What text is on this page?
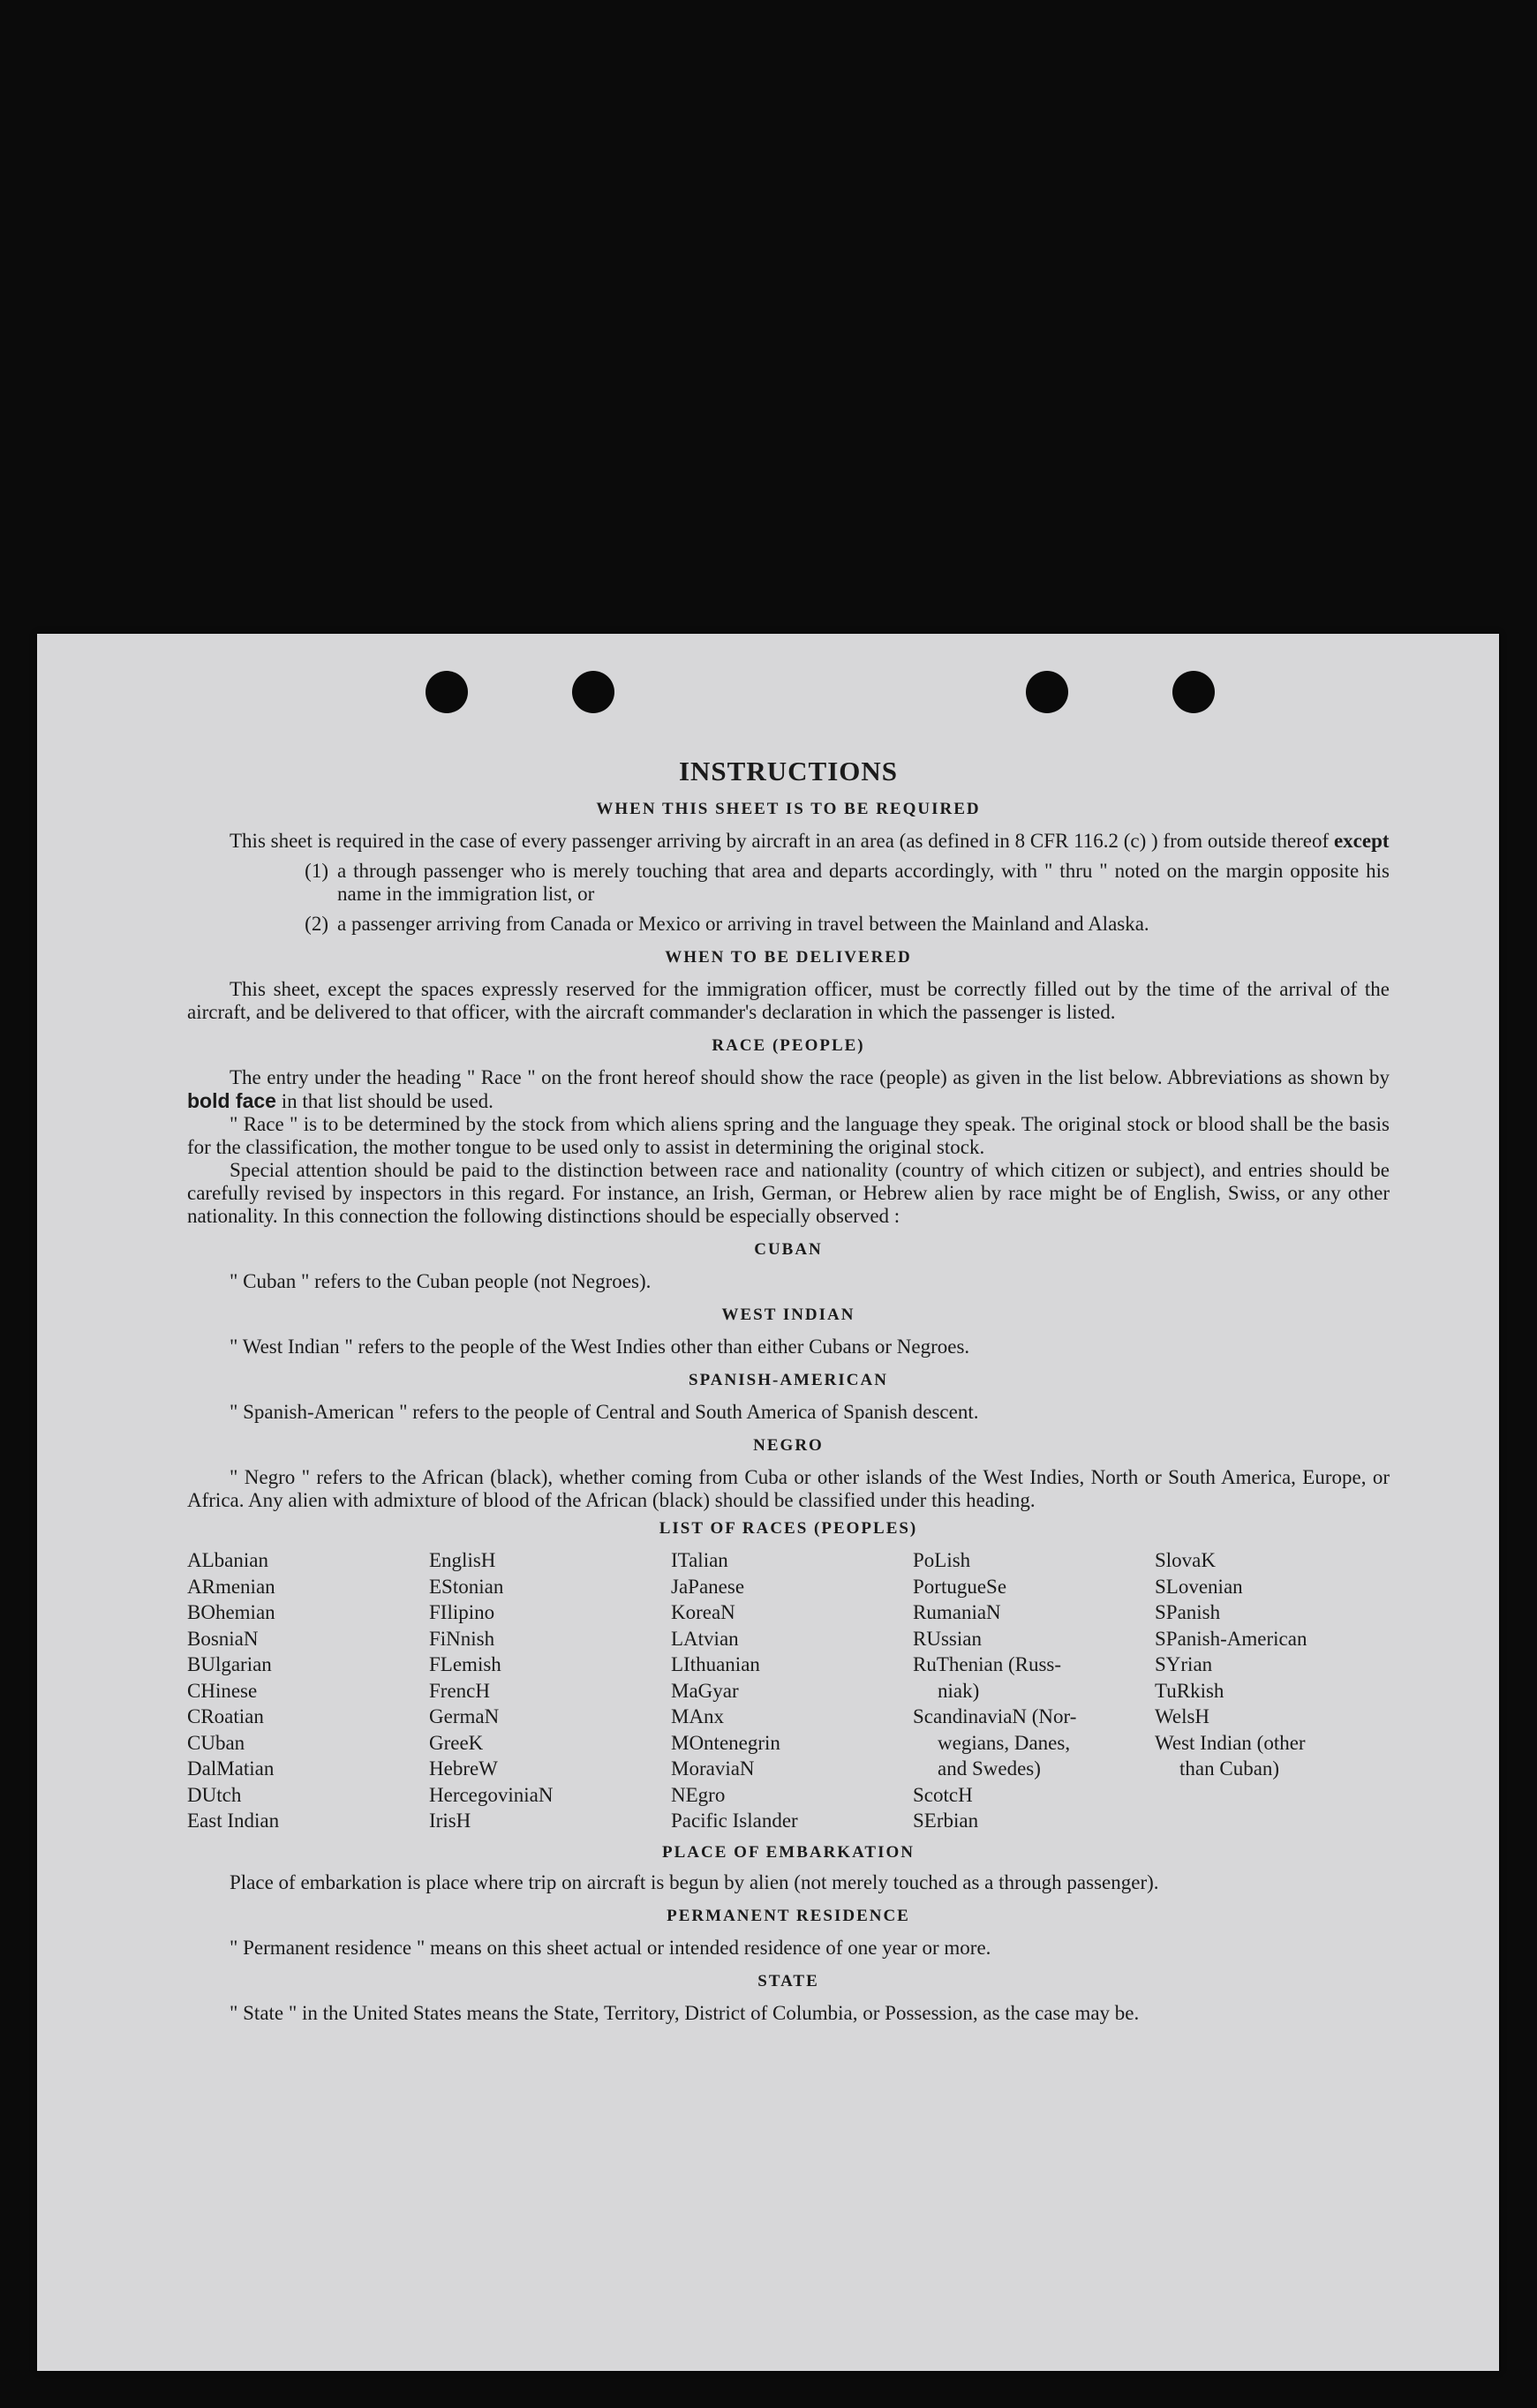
INSTRUCTIONS
WHEN THIS SHEET IS TO BE REQUIRED

This sheet is required in the case of every passenger arriving by aircraft in an area (as defined in 8 CFR 116.2 (c) ) from outside thereof except

(1) a through passenger who is merely touching that area and departs accordingly, with " thru " noted on the margin opposite his name in the immigration list, or
(2) a passenger arriving from Canada or Mexico or arriving in travel between the Mainland and Alaska.
WHEN TO BE DELIVERED

This sheet, except the spaces expressly reserved for the immigration officer, must be correctly filled out by the time of the arrival of the aircraft, and be delivered to that officer, with the aircraft commander's declaration in which the passenger is listed.

RACE (PEOPLE)

The entry under the heading " Race " on the front hereof should show the race (people) as given in the list below. Abbreviations as shown by bold face in that list should be used.

" Race " is to be determined by the stock from which aliens spring and the language they speak. The original stock or blood shall be the basis for the classification, the mother tongue to be used only to assist in determining the original stock.

Special attention should be paid to the distinction between race and nationality (country of which citizen or subject), and entries should be carefully revised by inspectors in this regard. For instance, an Irish, German, or Hebrew alien by race might be of English, Swiss, or any other nationality. In this connection the following distinctions should be especially observed :

CUBAN

" Cuban " refers to the Cuban people (not Negroes).

WEST INDIAN

" West Indian " refers to the people of the West Indies other than either Cubans or Negroes.

SPANISH-AMERICAN

" Spanish-American " refers to the people of Central and South America of Spanish descent.

NEGRO

" Negro " refers to the African (black), whether coming from Cuba or other islands of the West Indies, North or South America, Europe, or Africa. Any alien with admixture of blood of the African (black) should be classified under this heading.

LIST OF RACES (PEOPLES)
ALbanian
ARmenian
BOhemian
BosniaN
BUlgarian
CHinese
CRoatian
CUban
DalMatian
DUtch
East Indian
EnglisH
EStonian
FIlipino
FiNnish
FLemish
FrencH
GermaN
GreeK
HebreW
HercegoviniaN
IrisH
ITalian
JaPanese
KoreaN
LAtvian
LIthuanian
MaGyar
MAnx
MOntenegrin
MoraviaN
NEgro
Pacific Islander
PoLish
PortugueSe
RumaniaN
RUssian
RuThenian (Russ-
niak)
ScandinaviaN (Nor-
wegians, Danes,
and Swedes)
ScotcH
SErbian
SlovaK
SLovenian
SPanish
SPanish-American
SYrian
TuRkish
WelsH
West Indian (other
than Cuban)
PLACE OF EMBARKATION

Place of embarkation is place where trip on aircraft is begun by alien (not merely touched as a through passenger).

PERMANENT RESIDENCE

" Permanent residence " means on this sheet actual or intended residence of one year or more.

STATE

" State " in the United States means the State, Territory, District of Columbia, or Possession, as the case may be.
